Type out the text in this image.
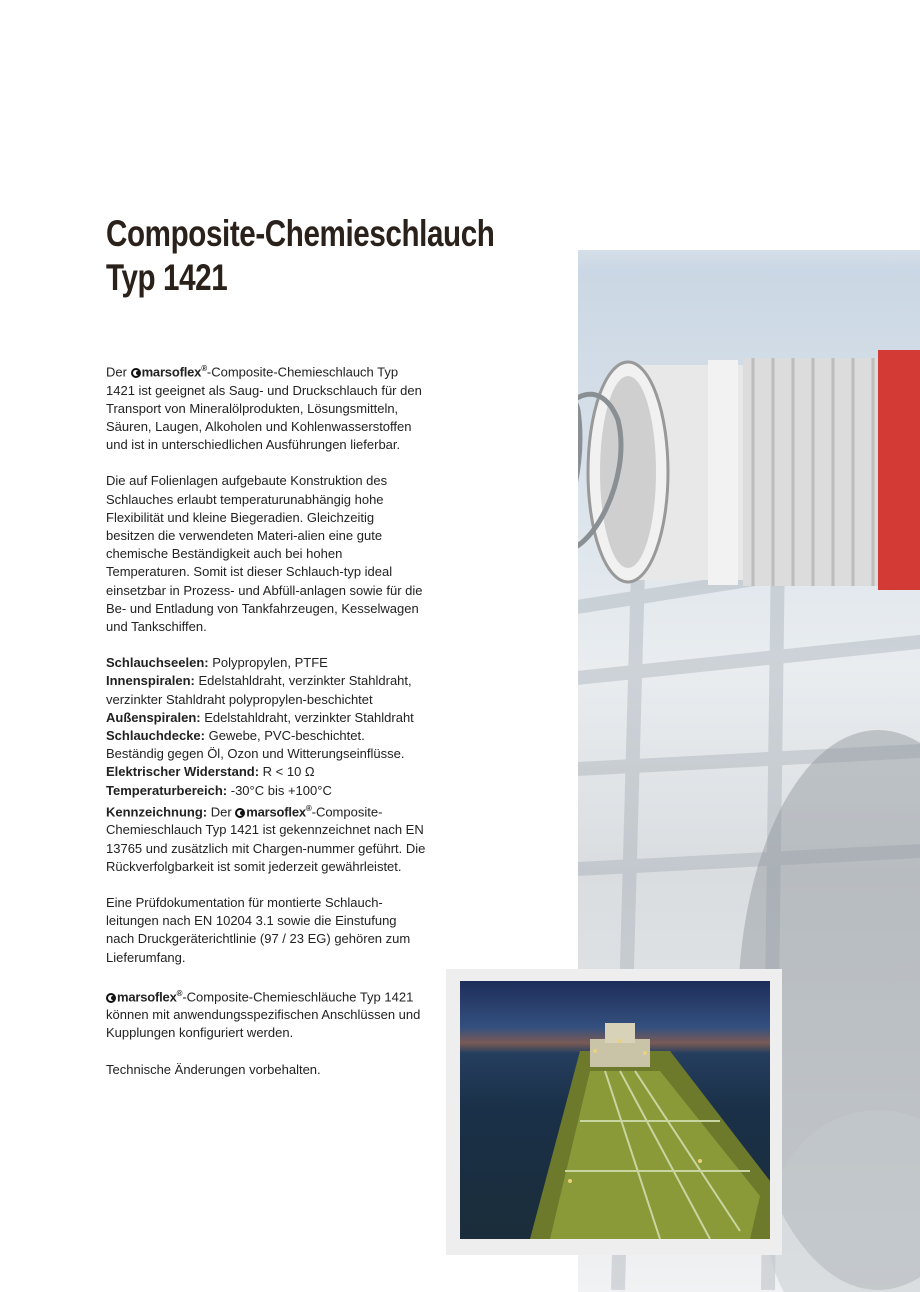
Composite-Chemieschlauch
Typ 1421

Der marsoflex®-Composite-Chemieschlauch Typ 1421 ist geeignet als Saug- und Druckschlauch für den Transport von Mineralölprodukten, Lösungsmitteln, Säuren, Laugen, Alkoholen und Kohlenwasserstoffen und ist in unterschiedlichen Ausführungen lieferbar.

Die auf Folienlagen aufgebaute Konstruktion des Schlauches erlaubt temperaturunabhängig hohe Flexibilität und kleine Biegeradien. Gleichzeitig besitzen die verwendeten Materi-alien eine gute chemische Beständigkeit auch bei hohen Temperaturen. Somit ist dieser Schlauch-typ ideal einsetzbar in Prozess- und Abfüll-anlagen sowie für die Be- und Entladung von Tankfahrzeugen, Kesselwagen und Tankschiffen.

Schlauchseelen: Polypropylen, PTFE
Innenspiralen: Edelstahldraht, verzinkter Stahldraht, verzinkter Stahldraht polypropylen-beschichtet
Außenspiralen: Edelstahldraht, verzinkter Stahldraht
Schlauchdecke: Gewebe, PVC-beschichtet. Beständig gegen Öl, Ozon und Witterungseinflüsse.
Elektrischer Widerstand: R < 10 Ω
Temperaturbereich: -30°C bis +100°C
Kennzeichnung: Der marsoflex®-Composite-Chemieschlauch Typ 1421 ist gekennzeichnet nach EN 13765 und zusätzlich mit Chargen-nummer geführt. Die Rückverfolgbarkeit ist somit jederzeit gewährleistet.

Eine Prüfdokumentation für montierte Schlauch-leitungen nach EN 10204 3.1 sowie die Einstufung nach Druckgeräterichtlinie (97 / 23 EG) gehören zum Lieferumfang.

marsoflex®-Composite-Chemieschläuche Typ 1421 können mit anwendungsspezifischen Anschlüssen und Kupplungen konfiguriert werden.

Technische Änderungen vorbehalten.
